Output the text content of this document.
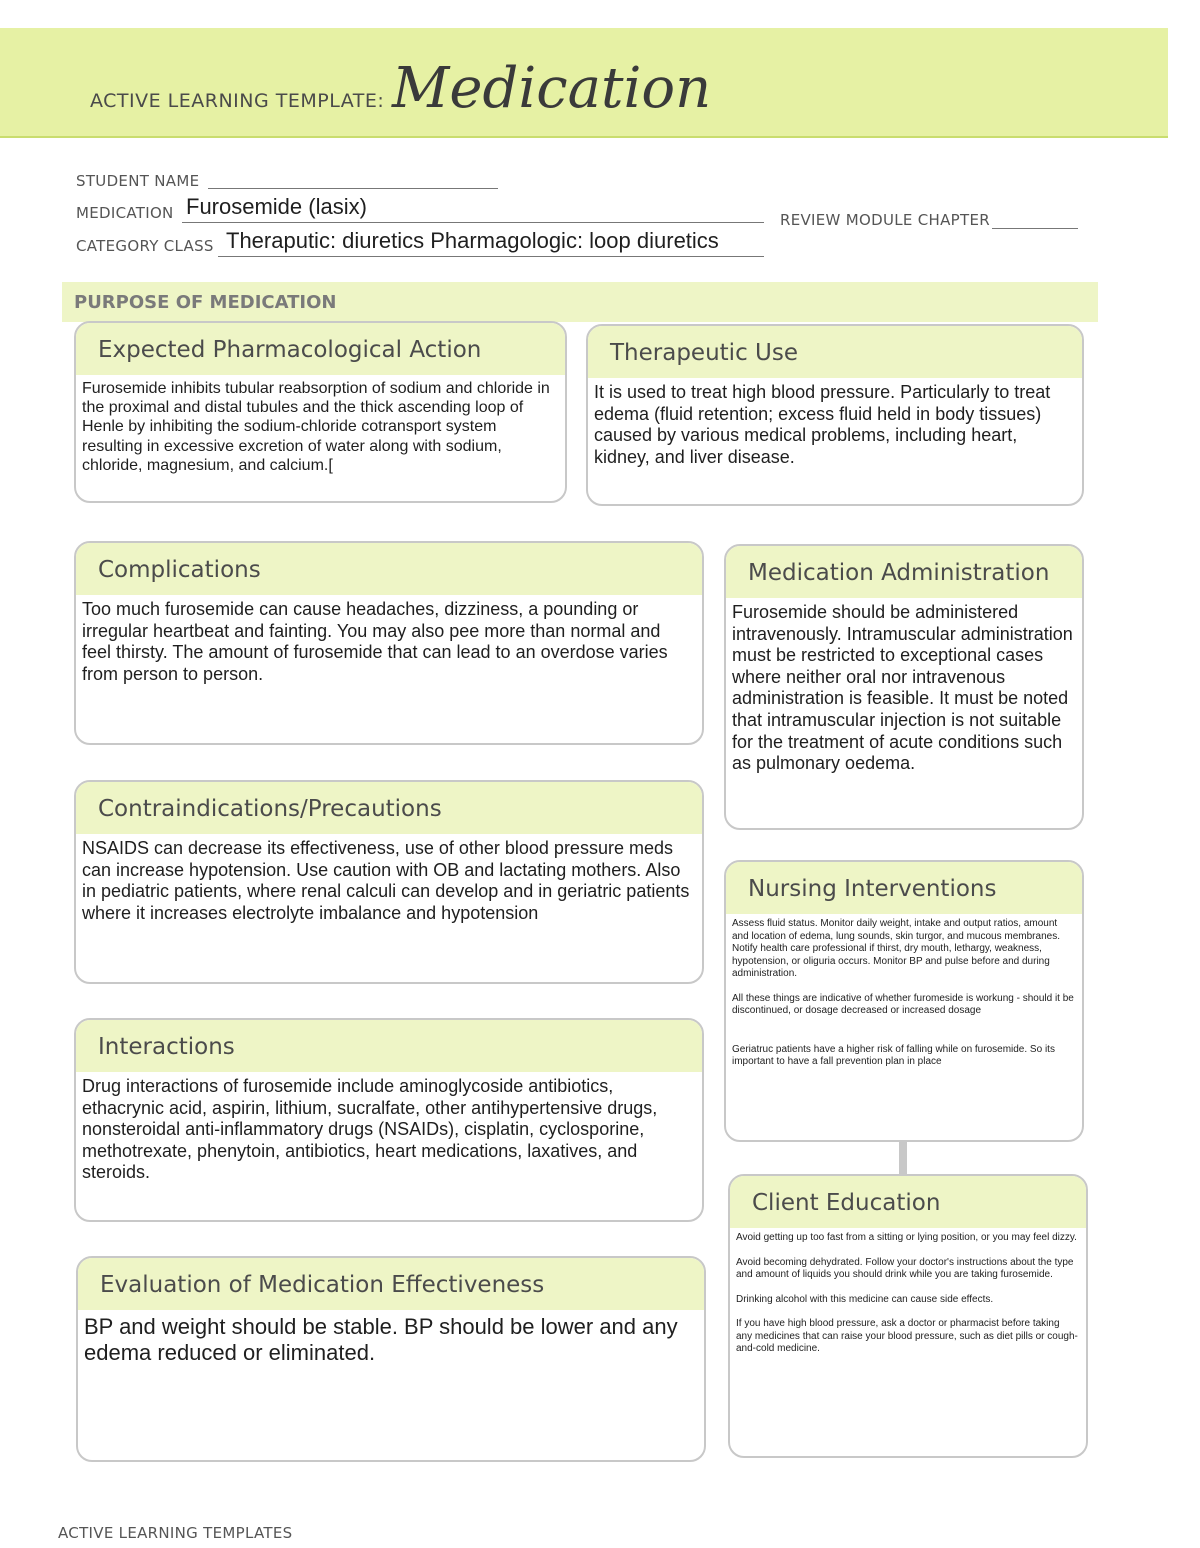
ACTIVE LEARNING TEMPLATE: Medication
STUDENT NAME
MEDICATION Furosemide (lasix)
REVIEW MODULE CHAPTER
CATEGORY CLASS Theraputic: diuretics Pharmagologic: loop diuretics
PURPOSE OF MEDICATION
Expected Pharmacological Action
Furosemide inhibits tubular reabsorption of sodium and chloride in the proximal and distal tubules and the thick ascending loop of Henle by inhibiting the sodium-chloride cotransport system resulting in excessive excretion of water along with sodium, chloride, magnesium, and calcium.[
Therapeutic Use
It is used to treat high blood pressure. Particularly to treat edema (fluid retention; excess fluid held in body tissues) caused by various medical problems, including heart, kidney, and liver disease.
Complications
Too much furosemide can cause headaches, dizziness, a pounding or irregular heartbeat and fainting. You may also pee more than normal and feel thirsty. The amount of furosemide that can lead to an overdose varies from person to person.
Medication Administration
Furosemide should be administered intravenously. Intramuscular administration must be restricted to exceptional cases where neither oral nor intravenous administration is feasible. It must be noted that intramuscular injection is not suitable for the treatment of acute conditions such as pulmonary oedema.
Contraindications/Precautions
NSAIDS can decrease its effectiveness, use of other blood pressure meds can increase hypotension. Use caution with OB and lactating mothers. Also in pediatric patients, where renal calculi can develop and in geriatric patients where it increases electrolyte imbalance and hypotension
Nursing Interventions

Assess fluid status. Monitor daily weight, intake and output ratios, amount and location of edema, lung sounds, skin turgor, and mucous membranes. Notify health care professional if thirst, dry mouth, lethargy, weakness, hypotension, or oliguria occurs. Monitor BP and pulse before and during administration.

All these things are indicative of whether furomeside is workung - should it be discontinued, or dosage decreased or increased dosage

Geriatruc patients have a higher risk of falling while on furosemide. So its important to have a fall prevention plan in place

Interactions
Drug interactions of furosemide include aminoglycoside antibiotics, ethacrynic acid, aspirin, lithium, sucralfate, other antihypertensive drugs, nonsteroidal anti-inflammatory drugs (NSAIDs), cisplatin, cyclosporine, methotrexate, phenytoin, antibiotics, heart medications, laxatives, and steroids.
Client Education

Avoid getting up too fast from a sitting or lying position, or you may feel dizzy.

Avoid becoming dehydrated. Follow your doctor's instructions about the type and amount of liquids you should drink while you are taking furosemide.

Drinking alcohol with this medicine can cause side effects.

If you have high blood pressure, ask a doctor or pharmacist before taking any medicines that can raise your blood pressure, such as diet pills or cough-and-cold medicine.

Evaluation of Medication Effectiveness
BP and weight should be stable. BP should be lower and any edema reduced or eliminated.
ACTIVE LEARNING TEMPLATES
